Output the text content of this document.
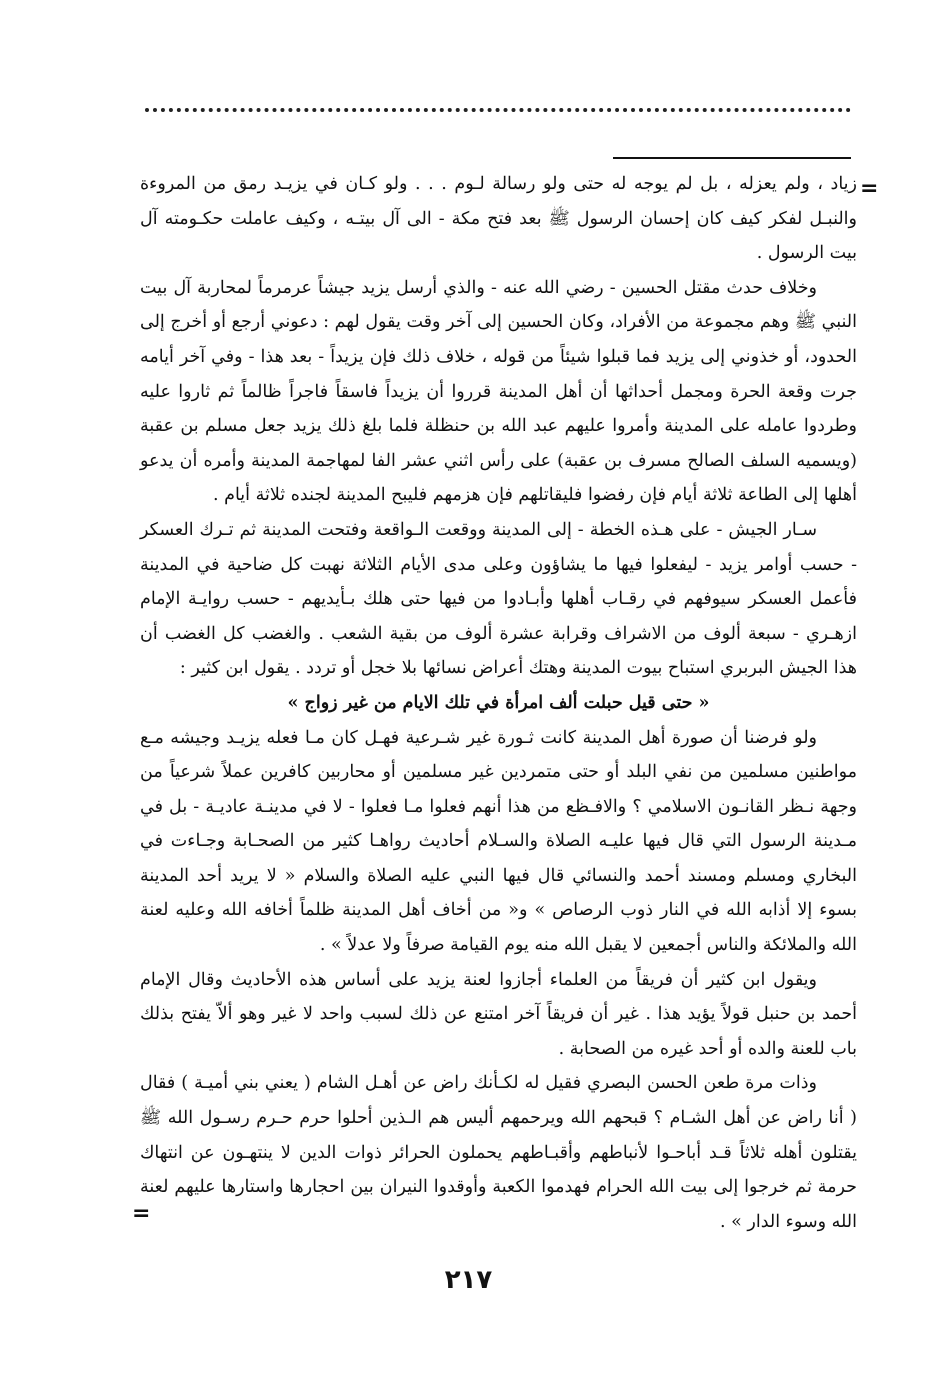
=

زياد ، ولم يعزله ، بل لم يوجه له حتى ولو رسالة لـوم . . . ولو كـان في يزيـد رمق من المروءة والنبـل لفكر كيف كان إحسان الرسول ﷺ بعد فتح مكة - الى آل بيتـه ، وكيف عاملت حكـومته آل بيت الرسول .

وخلاف حدث مقتل الحسين - رضي الله عنه - والذي أرسل يزيد جيشاً عرمرماً لمحاربة آل بيت النبي ﷺ وهم مجموعة من الأفراد، وكان الحسين إلى آخر وقت يقول لهم : دعوني أرجع أو أخرج إلى الحدود، أو خذوني إلى يزيد فما قبلوا شيئاً من قوله ، خلاف ذلك فإن يزيداً - بعد هذا - وفي آخر أيامه جرت وقعة الحرة ومجمل أحداثها أن أهل المدينة قرروا أن يزيداً فاسقاً فاجراً ظالماً ثم ثاروا عليه وطردوا عامله على المدينة وأمروا عليهم عبد الله بن حنظلة فلما بلغ ذلك يزيد جعل مسلم بن عقبة (ويسميه السلف الصالح مسرف بن عقبة) على رأس اثني عشر الفا لمهاجمة المدينة وأمره أن يدعو أهلها إلى الطاعة ثلاثة أيام فإن رفضوا فليقاتلهم فإن هزمهم فليبح المدينة لجنده ثلاثة أيام .

سـار الجيش - على هـذه الخطة - إلى المدينة ووقعت الـواقعة وفتحت المدينة ثم تـرك العسكر - حسب أوامر يزيد - ليفعلوا فيها ما يشاؤون وعلى مدى الأيام الثلاثة نهبت كل ضاحية في المدينة فأعمل العسكر سيوفهم في رقـاب أهلها وأبـادوا من فيها حتى هلك بـأيديهم - حسب روايـة الإمام ازهـري - سبعة ألوف من الاشراف وقرابة عشرة ألوف من بقية الشعب . والغضب كل الغضب أن هذا الجيش البربري استباح بيوت المدينة وهتك أعراض نسائها بلا خجل أو تردد . يقول ابن كثير :

« حتى قيل حبلت ألف امرأة في تلك الايام من غير زواج »

ولو فرضنا أن صورة أهل المدينة كانت ثـورة غير شـرعية فهـل كان مـا فعله يزيـد وجيشه مـع مواطنين مسلمين من نفي البلد أو حتى متمردين غير مسلمين أو محاربين كافرين عملاً شرعياً من وجهة نـظر القانـون الاسلامي ؟ والافـظع من هذا أنهم فعلوا مـا فعلوا - لا في مدينـة عاديـة - بل في مـدينة الرسول التي قال فيها عليـه الصلاة والسـلام أحاديث رواهـا كثير من الصحـابة وجـاءت في البخاري ومسلم ومسند أحمد والنسائي قال فيها النبي عليه الصلاة والسلام « لا يريد أحد المدينة بسوء إلا أذابه الله في النار ذوب الرصاص » و« من أخاف أهل المدينة ظلماً أخافه الله وعليه لعنة الله والملائكة والناس أجمعين لا يقبل الله منه يوم القيامة صرفاً ولا عدلاً » .

ويقول ابن كثير أن فريقاً من العلماء أجازوا لعنة يزيد على أساس هذه الأحاديث وقال الإمام أحمد بن حنبل قولاً يؤيد هذا . غير أن فريقاً آخر امتنع عن ذلك لسبب واحد لا غير وهو ألاّ يفتح بذلك باب للعنة والده أو أحد غيره من الصحابة .

وذات مرة طعن الحسن البصري فقيل له لكـأنك راض عن أهـل الشام ( يعني بني أميـة ) فقال ( أنا راض عن أهل الشـام ؟ قبحهم الله ويرحمهم أليس هم الـذين أحلوا حرم حـرم رسـول الله ﷺ يقتلون أهله ثلاثاً قـد أباحـوا لأنباطهم وأقبـاطهم يحملون الحرائر ذوات الدين لا ينتهـون عن انتهاك حرمة ثم خرجوا إلى بيت الله الحرام فهدموا الكعبة وأوقدوا النيران بين احجارها واستارها عليهم لعنة الله وسوء الدار » .

=
٢١٧
